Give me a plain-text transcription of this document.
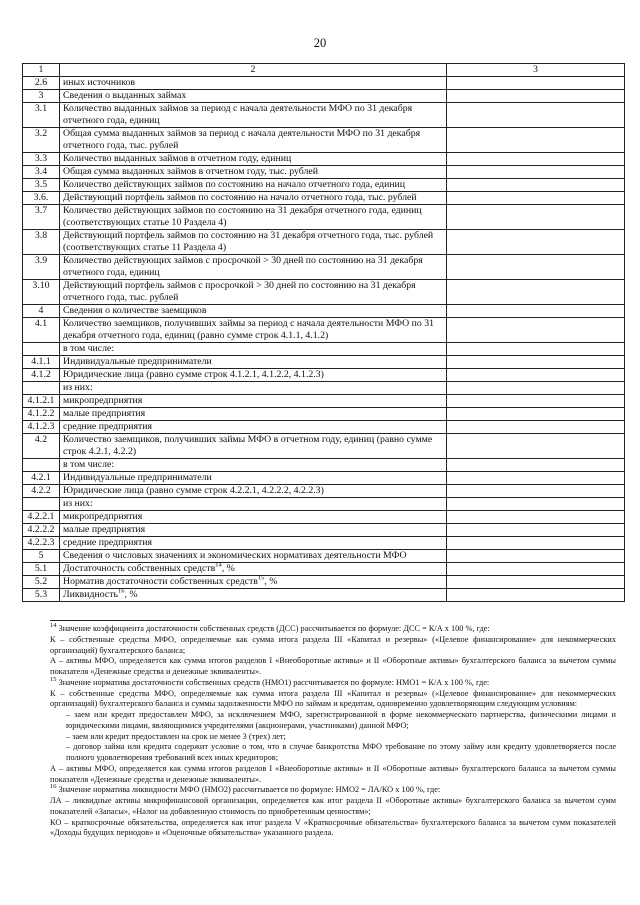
20
1	2	3
2.6	иных источников	
3	Сведения о выданных займах	
3.1	Количество выданных займов за период с начала деятельности МФО по 31 декабря отчетного года, единиц	
3.2	Общая сумма выданных займов за период с начала деятельности МФО по 31 декабря отчетного года, тыс. рублей	
3.3	Количество выданных займов в отчетном году, единиц	
3.4	Общая сумма выданных займов в отчетном году, тыс. рублей	
3.5	Количество действующих займов по состоянию на начало отчетного года, единиц	
3.6.	Действующий портфель займов по состоянию на начало отчетного года, тыс. рублей	
3.7	Количество действующих займов по состоянию на 31 декабря отчетного года, единиц (соответствующих статье 10 Раздела 4)	
3.8	Действующий портфель займов по состоянию на 31 декабря отчетного года, тыс. рублей (соответствующих статье 11 Раздела 4)	
3.9	Количество действующих займов с просрочкой > 30 дней по состоянию на 31 декабря отчетного года, единиц	
3.10	Действующий портфель займов с просрочкой > 30 дней по состоянию на 31 декабря отчетного года, тыс. рублей	
4	Сведения о количестве заемщиков	
4.1	Количество заемщиков, получивших займы за период с начала деятельности МФО по 31 декабря отчетного года, единиц (равно сумме строк 4.1.1, 4.1.2)	
	в том числе:	
4.1.1	Индивидуальные предприниматели	
4.1.2	Юридические лица (равно сумме строк 4.1.2.1, 4.1.2.2, 4.1.2.3)	
	из них:	
4.1.2.1	микропредприятия	
4.1.2.2	малые предприятия	
4.1.2.3	средние предприятия	
4.2	Количество заемщиков, получивших займы МФО в отчетном году, единиц (равно сумме строк 4.2.1, 4.2.2)	
	в том числе:	
4.2.1	Индивидуальные предприниматели	
4.2.2	Юридические лица (равно сумме строк 4.2.2.1, 4.2.2.2, 4.2.2.3)	
	из них:	
4.2.2.1	микропредприятия	
4.2.2.2	малые предприятия	
4.2.2.3	средние предприятия	
5	Сведения о числовых значениях и экономических нормативах деятельности МФО	
5.1	Достаточность собственных средств$^{14}$, %	
5.2	Норматив достаточности собственных средств$^{15}$, %	
5.3	Ликвидность$^{16}$, %	

$^{14}$ Значение коэффициента достаточности собственных средств (ДСС) рассчитывается по формуле: ДСС = К/А х 100 %, где:

К – собственные средства МФО, определяемые как сумма итога раздела III «Капитал и резервы» («Целевое финансирование» для некоммерческих организаций) бухгалтерского баланса;

А – активы МФО, определяется как сумма итогов разделов I «Внеоборотные активы» и II «Оборотные активы» бухгалтерского баланса за вычетом суммы показателя «Денежные средства и денежные эквиваленты».

$^{15}$ Значение норматива достаточности собственных средств (НМО1) рассчитывается по формуле: НМО1 = К/А х 100 %, где:

К – собственные средства МФО, определяемые как сумма итога раздела III «Капитал и резервы» («Целевое финансирование» для некоммерческих организаций) бухгалтерского баланса и суммы задолженности МФО по займам и кредитам, одновременно удовлетворяющим следующим условиям:

– заем или кредит предоставлен МФО, за исключением МФО, зарегистрированной в форме некоммерческого партнерства, физическими лицами и юридическими лицами, являющимися учредителями (акционерами, участниками) данной МФО;

– заем или кредит предоставлен на срок не менее 3 (трех) лет;

– договор займа или кредита содержит условие о том, что в случае банкротства МФО требование по этому займу или кредиту удовлетворяется после полного удовлетворения требований всех иных кредиторов;

А – активы МФО, определяется как сумма итогов разделов I «Внеоборотные активы» и II «Оборотные активы» бухгалтерского баланса за вычетом суммы показателя «Денежные средства и денежные эквиваленты».

$^{16}$ Значение норматива ликвидности МФО (НМО2) рассчитывается по формуле: НМО2 = ЛА/КО х 100 %, где:

ЛА – ликвидные активы микрофинансовой организации, определяется как итог раздела II «Оборотные активы» бухгалтерского баланса за вычетом сумм показателей «Запасы», «Налог на добавленную стоимость по приобретенным ценностям»;

КО – краткосрочные обязательства, определяется как итог раздела V «Краткосрочные обязательства» бухгалтерского баланса за вычетом сумм показателей «Доходы будущих периодов» и «Оценочные обязательства» указанного раздела.
